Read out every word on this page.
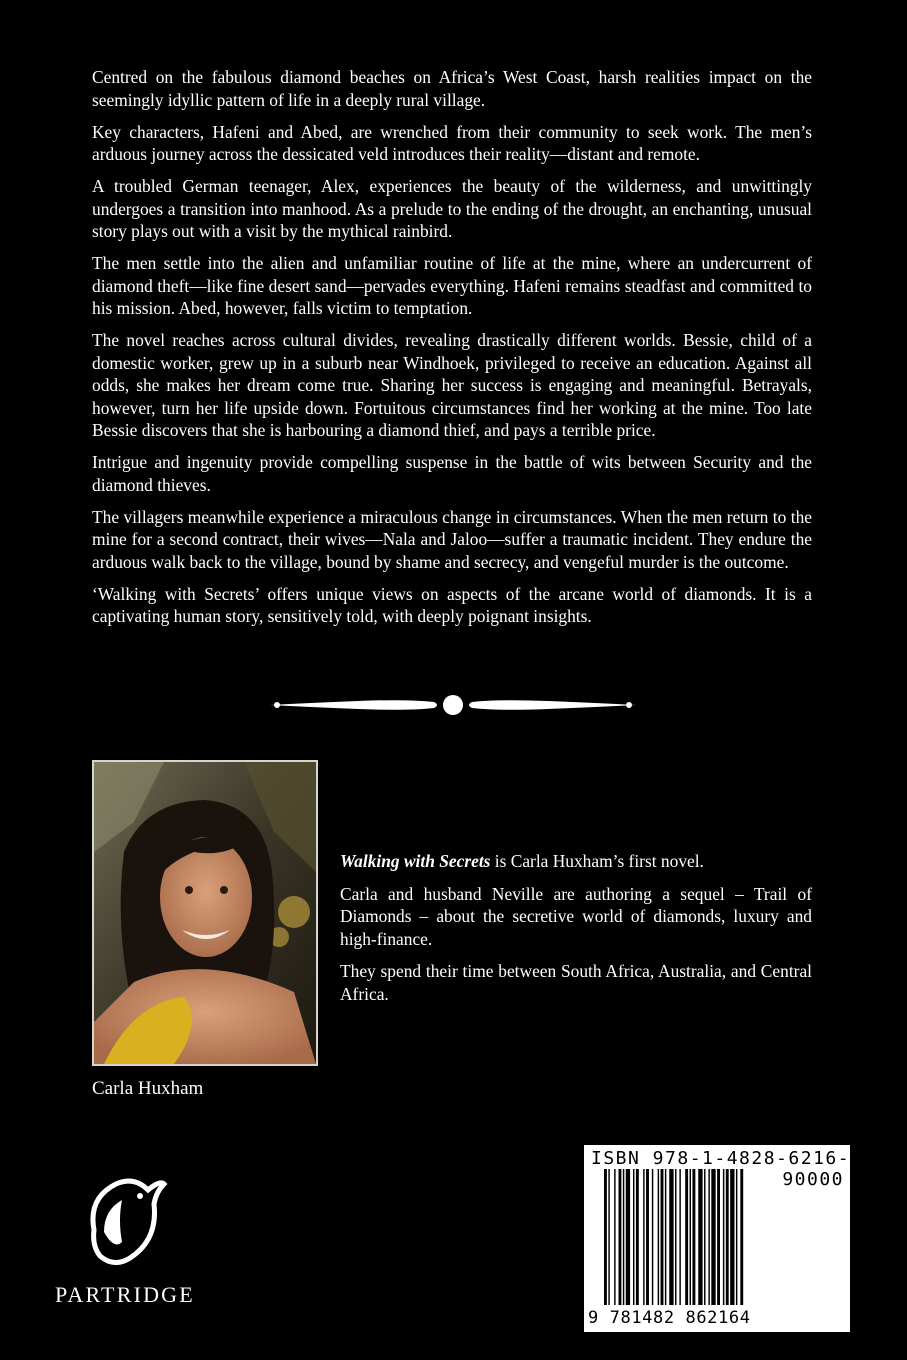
Centred on the fabulous diamond beaches on Africa’s West Coast, harsh realities impact on the seemingly idyllic pattern of life in a deeply rural village.

Key characters, Hafeni and Abed, are wrenched from their community to seek work. The men’s arduous journey across the dessicated veld introduces their reality—distant and remote.

A troubled German teenager, Alex, experiences the beauty of the wilderness, and unwittingly undergoes a transition into manhood. As a prelude to the ending of the drought, an enchanting, unusual story plays out with a visit by the mythical rainbird.

The men settle into the alien and unfamiliar routine of life at the mine, where an undercurrent of diamond theft—like fine desert sand—pervades everything. Hafeni remains steadfast and committed to his mission. Abed, however, falls victim to temptation.

The novel reaches across cultural divides, revealing drastically different worlds. Bessie, child of a domestic worker, grew up in a suburb near Windhoek, privileged to receive an education. Against all odds, she makes her dream come true. Sharing her success is engaging and meaningful. Betrayals, however, turn her life upside down. Fortuitous circumstances find her working at the mine. Too late Bessie discovers that she is harbouring a diamond thief, and pays a terrible price.

Intrigue and ingenuity provide compelling suspense in the battle of wits between Security and the diamond thieves.

The villagers meanwhile experience a miraculous change in circumstances. When the men return to the mine for a second contract, their wives—Nala and Jaloo—suffer a traumatic incident. They endure the arduous walk back to the village, bound by shame and secrecy, and vengeful murder is the outcome.

‘Walking with Secrets’ offers unique views on aspects of the arcane world of diamonds. It is a captivating human story, sensitively told, with deeply poignant insights.

Carla Huxham

Walking with Secrets is Carla Huxham’s first novel.

Carla and husband Neville are authoring a sequel – Trail of Diamonds – about the secretive world of diamonds, luxury and high-finance.

They spend their time between South Africa, Australia, and Central Africa.

PARTRIDGE
ISBN 978-1-4828-6216-4
90000
9 781482 862164
